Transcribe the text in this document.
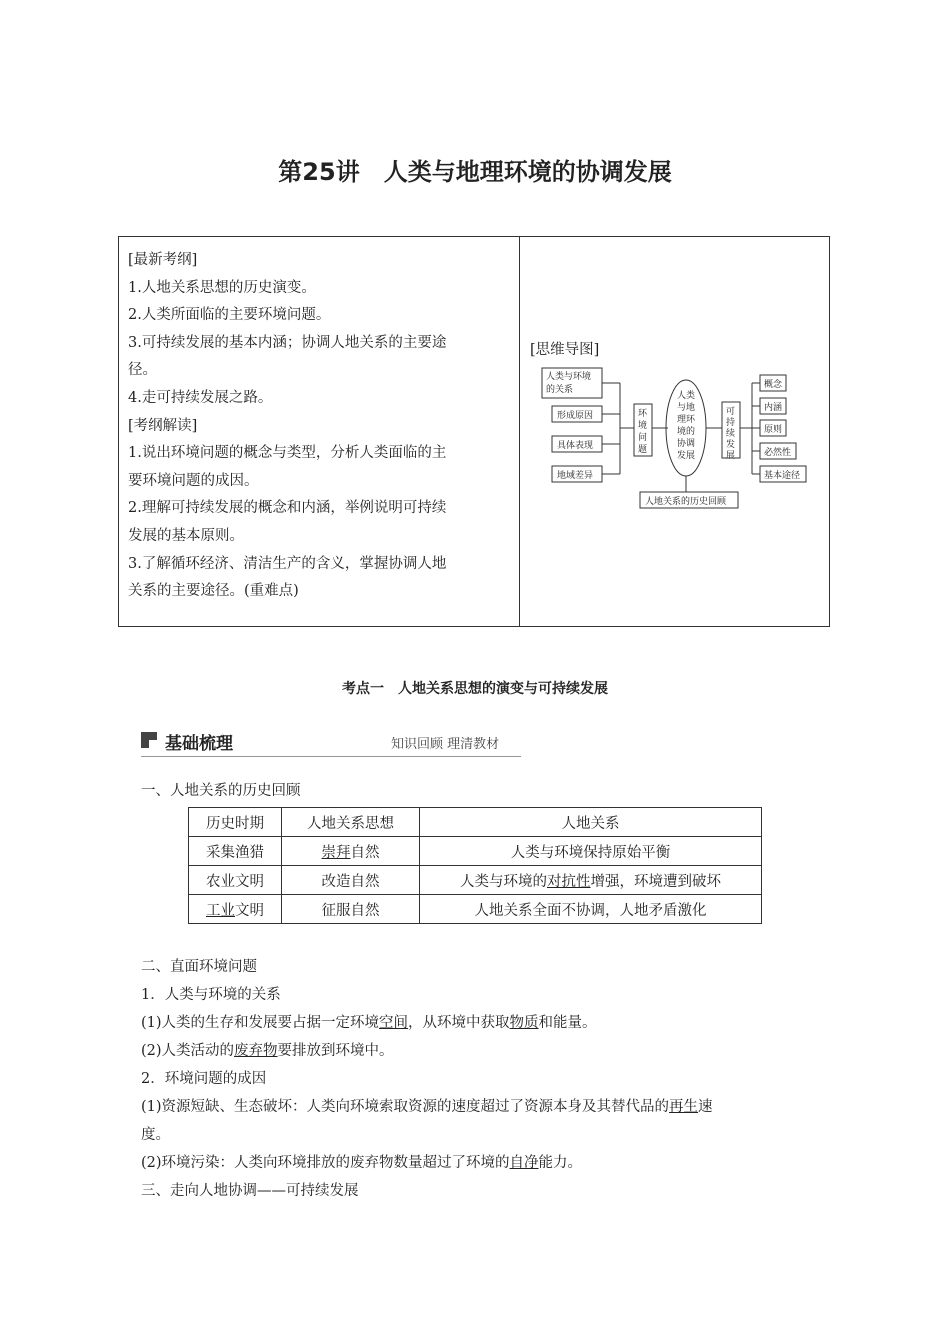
第25讲　人类与地理环境的协调发展
[最新考纲]
1.人地关系思想的历史演变。
2.人类所面临的主要环境问题。
3.可持续发展的基本内涵；协调人地关系的主要途
径。
4.走可持续发展之路。
[考纲解读]
1.说出环境问题的概念与类型，分析人类面临的主
要环境问题的成因。
2.理解可持续发展的概念和内涵，举例说明可持续
发展的基本原则。
3.了解循环经济、清洁生产的含义，掌握协调人地
关系的主要途径。(重难点)
[思维导图]
人类与环境
的关系
形成原因
具体表现
地域差异
环
境
问
题
人类
与地
理环
境的
协调
发展
可
持
续
发
展
概念
内涵
原则
必然性
基本途径
人地关系的历史回顾
考点一　人地关系思想的演变与可持续发展
基础梳理	知识回顾 理清教材
一、人地关系的历史回顾
历史时期	人地关系思想	人地关系
采集渔猎	崇拜自然	人类与环境保持原始平衡
农业文明	改造自然	人类与环境的对抗性增强，环境遭到破坏
工业文明	征服自然	人地关系全面不协调，人地矛盾激化
二、直面环境问题
1．人类与环境的关系
(1)人类的生存和发展要占据一定环境空间，从环境中获取物质和能量。
(2)人类活动的废弃物要排放到环境中。
2．环境问题的成因
(1)资源短缺、生态破坏：人类向环境索取资源的速度超过了资源本身及其替代品的再生速
度。
(2)环境污染：人类向环境排放的废弃物数量超过了环境的自净能力。
三、走向人地协调——可持续发展
